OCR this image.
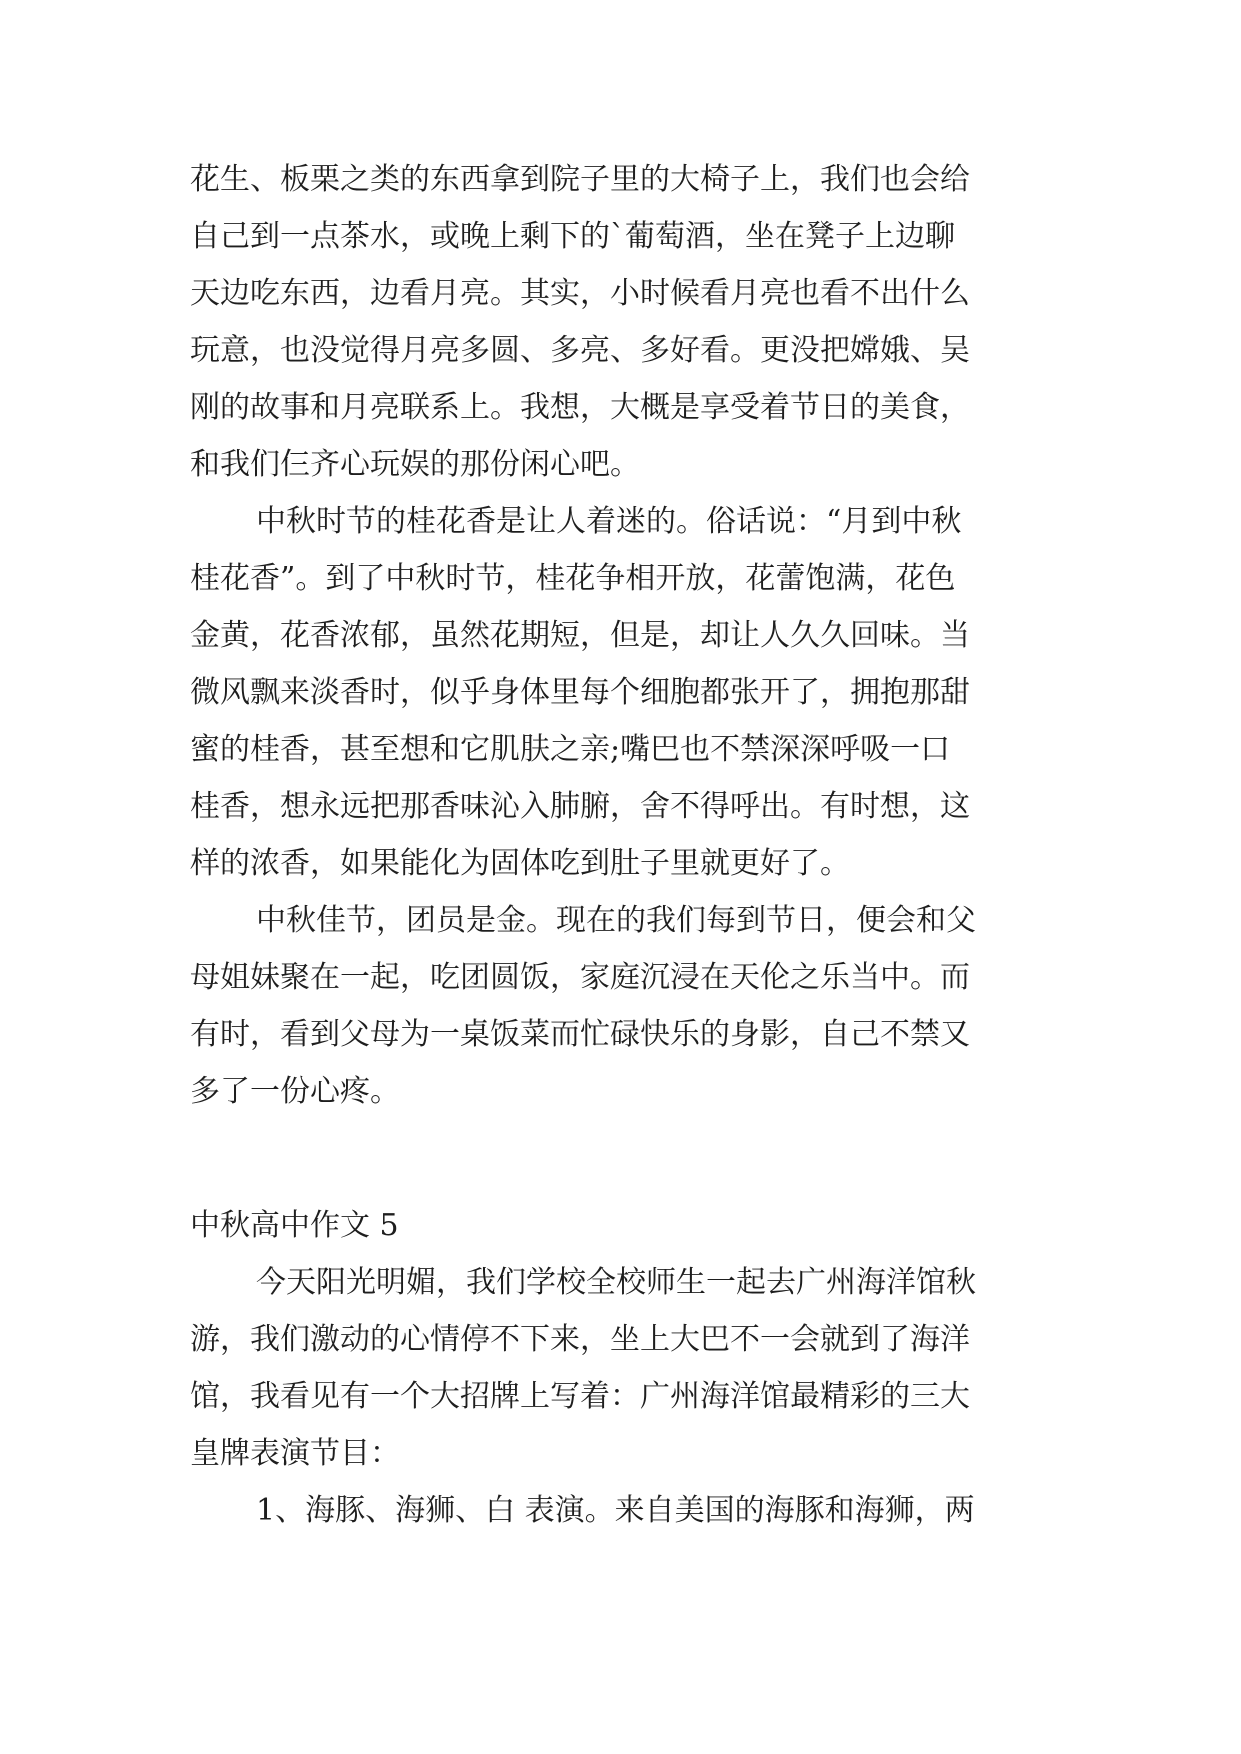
花生、板栗之类的东西拿到院子里的大椅子上，我们也会给
自己到一点茶水，或晚上剩下的`葡萄酒，坐在凳子上边聊
天边吃东西，边看月亮。其实，小时候看月亮也看不出什么
玩意，也没觉得月亮多圆、多亮、多好看。更没把嫦娥、吴
刚的故事和月亮联系上。我想，大概是享受着节日的美食，
和我们仨齐心玩娱的那份闲心吧。
中秋时节的桂花香是让人着迷的。俗话说：“月到中秋
桂花香”。到了中秋时节，桂花争相开放，花蕾饱满，花色
金黄，花香浓郁，虽然花期短，但是，却让人久久回味。当
微风飘来淡香时，似乎身体里每个细胞都张开了，拥抱那甜
蜜的桂香，甚至想和它肌肤之亲;嘴巴也不禁深深呼吸一口
桂香，想永远把那香味沁入肺腑，舍不得呼出。有时想，这
样的浓香，如果能化为固体吃到肚子里就更好了。
中秋佳节，团员是金。现在的我们每到节日，便会和父
母姐妹聚在一起，吃团圆饭，家庭沉浸在天伦之乐当中。而
有时，看到父母为一桌饭菜而忙碌快乐的身影，自己不禁又
多了一份心疼。
中秋高中作文 5
今天阳光明媚，我们学校全校师生一起去广州海洋馆秋
游，我们激动的心情停不下来，坐上大巴不一会就到了海洋
馆，我看见有一个大招牌上写着：广州海洋馆最精彩的三大
皇牌表演节目：
1、海豚、海狮、白 表演。来自美国的海豚和海狮，两
